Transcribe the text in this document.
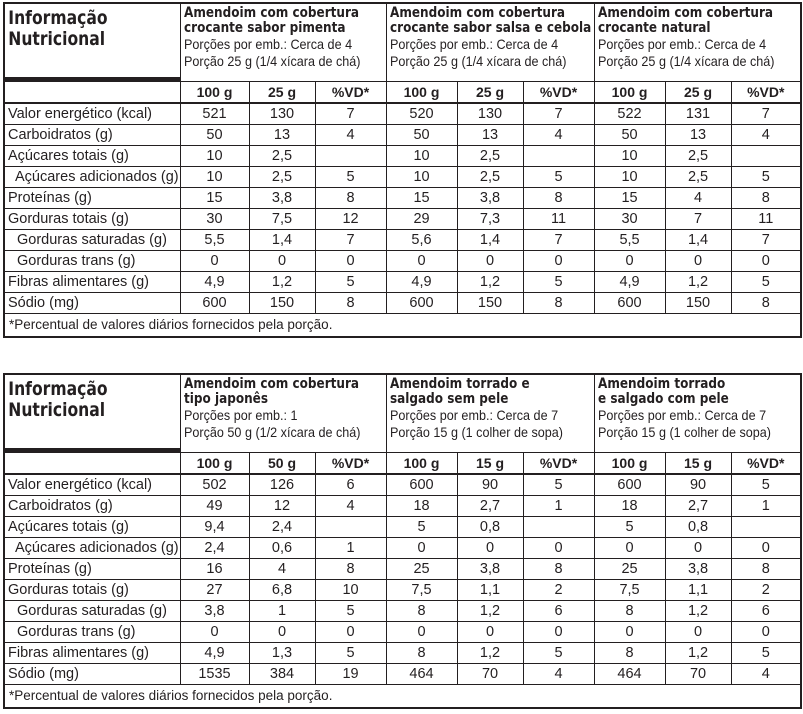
Informação
Nutricional	Amendoim com cobertura
crocante sabor pimenta
Porções por emb.: Cerca de 4
Porção 25 g (1/4 xícara de chá)			Amendoim com cobertura
crocante sabor salsa e cebola
Porções por emb.: Cerca de 4
Porção 25 g (1/4 xícara de chá)			Amendoim com cobertura
crocante natural
Porções por emb.: Cerca de 4
Porção 25 g (1/4 xícara de chá)		

	100 g	25 g	%VD*	100 g	25 g	%VD*	100 g	25 g	%VD*
Valor energético (kcal)	521	130	7	520	130	7	522	131	7
Carboidratos (g)	50	13	4	50	13	4	50	13	4
Açúcares totais (g)	10	2,5		10	2,5		10	2,5	
Açúcares adicionados (g)	10	2,5	5	10	2,5	5	10	2,5	5
Proteínas (g)	15	3,8	8	15	3,8	8	15	4	8
Gorduras totais (g)	30	7,5	12	29	7,3	11	30	7	11
Gorduras saturadas (g)	5,5	1,4	7	5,6	1,4	7	5,5	1,4	7
Gorduras trans (g)	0	0	0	0	0	0	0	0	0
Fibras alimentares (g)	4,9	1,2	5	4,9	1,2	5	4,9	1,2	5
Sódio (mg)	600	150	8	600	150	8	600	150	8
*Percentual de valores diários fornecidos pela porção.									
Informação
Nutricional	Amendoim com cobertura
tipo japonês
Porções por emb.: 1
Porção 50 g (1/2 xícara de chá)			Amendoim torrado e
salgado sem pele
Porções por emb.: Cerca de 7
Porção 15 g (1 colher de sopa)			Amendoim torrado
e salgado com pele
Porções por emb.: Cerca de 7
Porção 15 g (1 colher de sopa)		

	100 g	50 g	%VD*	100 g	15 g	%VD*	100 g	15 g	%VD*
Valor energético (kcal)	502	126	6	600	90	5	600	90	5
Carboidratos (g)	49	12	4	18	2,7	1	18	2,7	1
Açúcares totais (g)	9,4	2,4		5	0,8		5	0,8	
Açúcares adicionados (g)	2,4	0,6	1	0	0	0	0	0	0
Proteínas (g)	16	4	8	25	3,8	8	25	3,8	8
Gorduras totais (g)	27	6,8	10	7,5	1,1	2	7,5	1,1	2
Gorduras saturadas (g)	3,8	1	5	8	1,2	6	8	1,2	6
Gorduras trans (g)	0	0	0	0	0	0	0	0	0
Fibras alimentares (g)	4,9	1,3	5	8	1,2	5	8	1,2	5
Sódio (mg)	1535	384	19	464	70	4	464	70	4
*Percentual de valores diários fornecidos pela porção.									
